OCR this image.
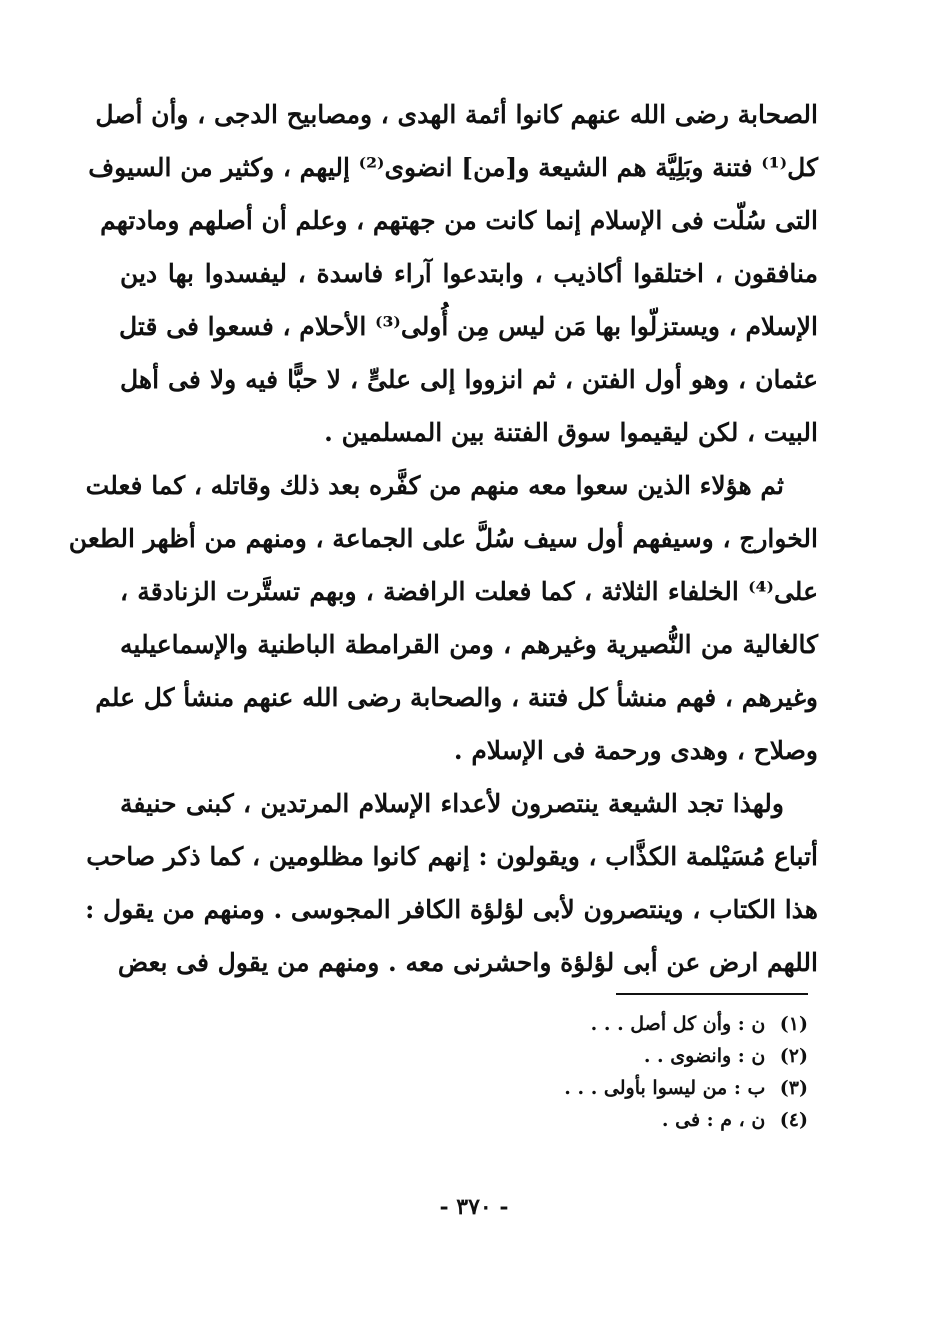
الصحابة رضى الله عنهم كانوا أئمة الهدى ، ومصابيح الدجى ، وأن أصل
كل⁽¹⁾ فتنة وبَلِيَّة هم الشيعة و[من] انضوى⁽²⁾ إليهم ، وكثير من السيوف
التى سُلّت فى الإسلام إنما كانت من جهتهم ، وعلم أن أصلهم ومادتهم
منافقون ، اختلقوا أكاذيب ، وابتدعوا آراء فاسدة ، ليفسدوا بها دين
الإسلام ، ويستزلّوا بها مَن ليس مِن أُولى⁽³⁾ الأحلام ، فسعوا فى قتل
عثمان ، وهو أول الفتن ، ثم انزووا إلى علىٍّ ، لا حبًّا فيه ولا فى أهل
البيت ، لكن ليقيموا سوق الفتنة بين المسلمين .
ثم هؤلاء الذين سعوا معه منهم من كفَّره بعد ذلك وقاتله ، كما فعلت
الخوارج ، وسيفهم أول سيف سُلَّ على الجماعة ، ومنهم من أظهر الطعن
على⁽⁴⁾ الخلفاء الثلاثة ، كما فعلت الرافضة ، وبهم تستَّرت الزنادقة ،
كالغالية من النُّصيرية وغيرهم ، ومن القرامطة الباطنية والإسماعيليه
وغيرهم ، فهم منشأ كل فتنة ، والصحابة رضى الله عنهم منشأ كل علم
وصلاح ، وهدى ورحمة فى الإسلام .
ولهذا تجد الشيعة ينتصرون لأعداء الإسلام المرتدين ، كبنى حنيفة
أتباع مُسَيْلمة الكذَّاب ، ويقولون : إنهم كانوا مظلومين ، كما ذكر صاحب
هذا الكتاب ، وينتصرون لأبى لؤلؤة الكافر المجوسى . ومنهم من يقول :
اللهم ارض عن أبى لؤلؤة واحشرنى معه . ومنهم من يقول فى بعض
(١) ن : وأن كل أصل . . .
(٢) ن : وانضوى . .
(٣) ب : من ليسوا بأولى . . .
(٤) ن ، م : فى .
- ٣٧٠ -
